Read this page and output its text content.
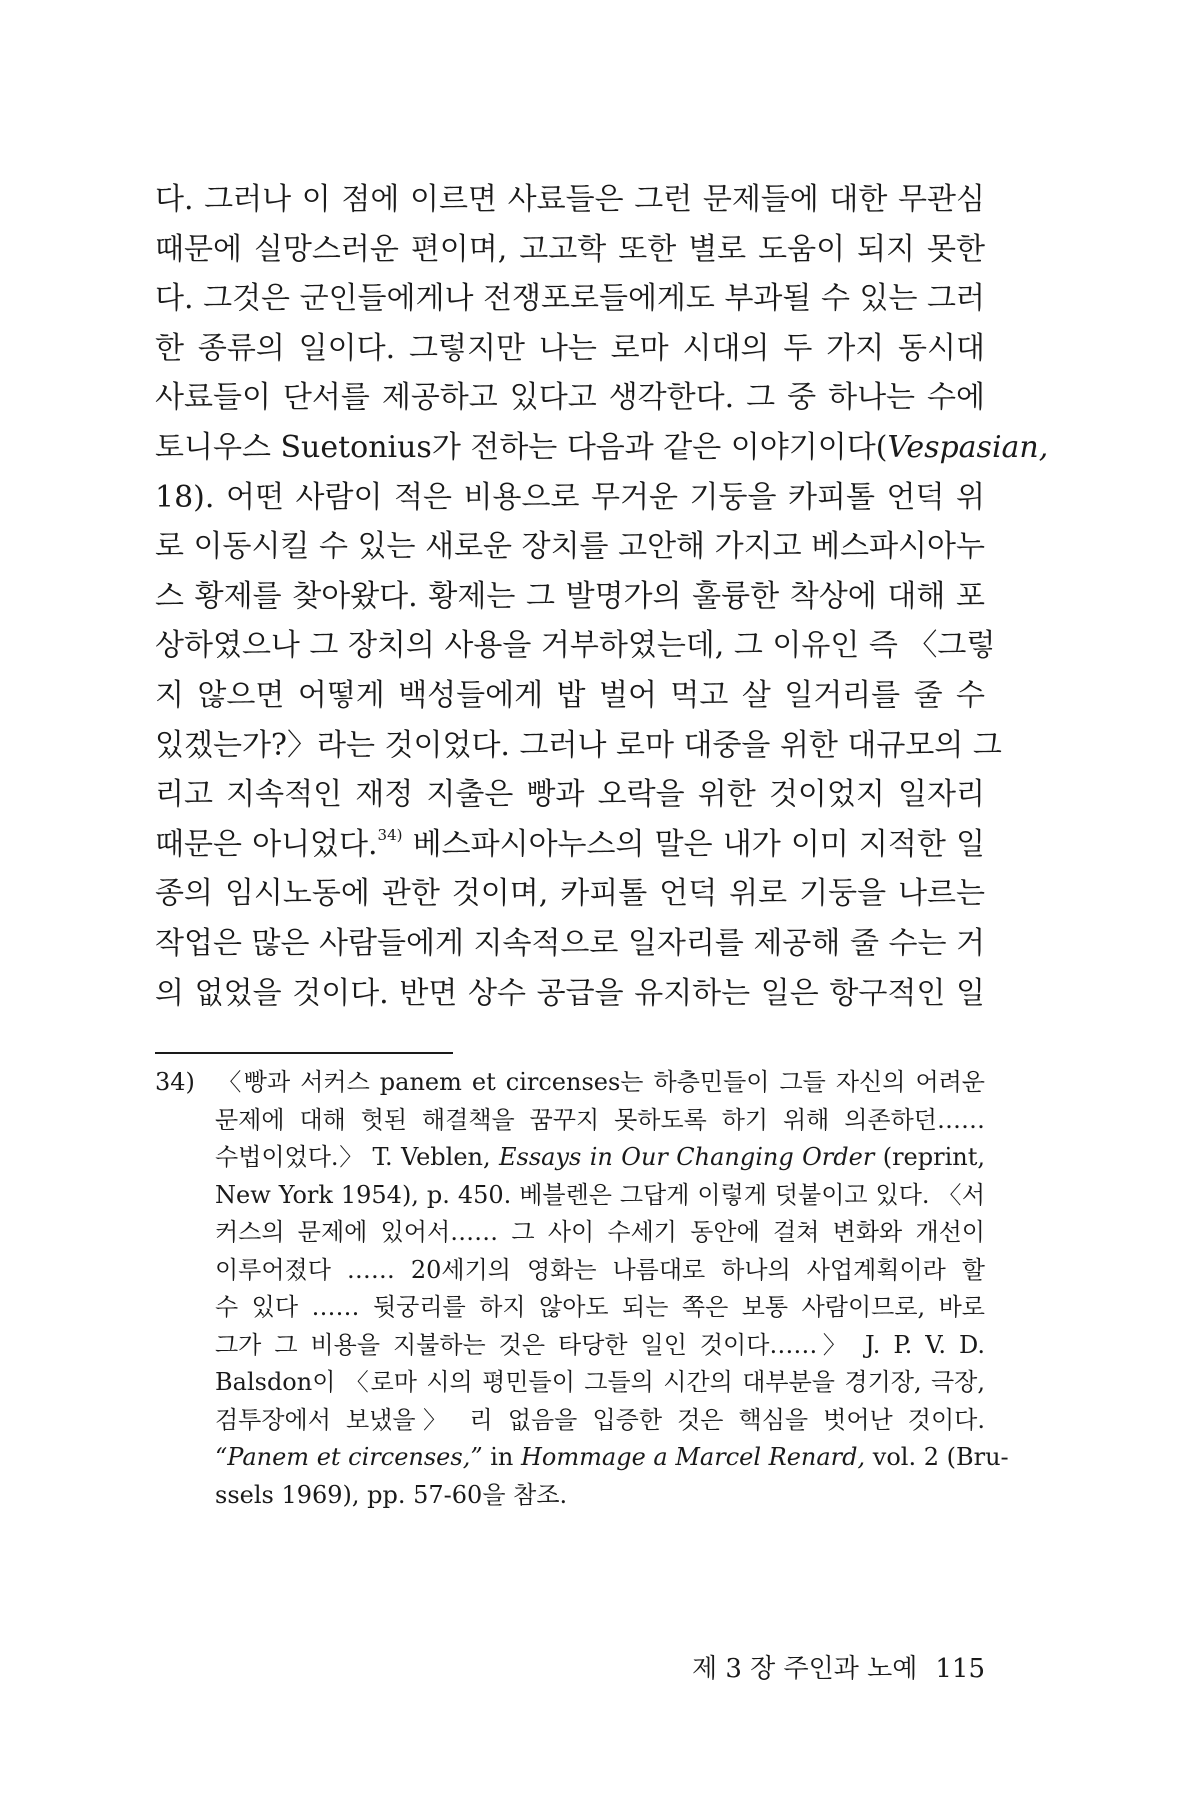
다. 그러나 이 점에 이르면 사료들은 그런 문제들에 대한 무관심
때문에 실망스러운 편이며, 고고학 또한 별로 도움이 되지 못한
다. 그것은 군인들에게나 전쟁포로들에게도 부과될 수 있는 그러
한 종류의 일이다. 그렇지만 나는 로마 시대의 두 가지 동시대
사료들이 단서를 제공하고 있다고 생각한다. 그 중 하나는 수에
토니우스 Suetonius가 전하는 다음과 같은 이야기이다(Vespasian,
18). 어떤 사람이 적은 비용으로 무거운 기둥을 카피톨 언덕 위
로 이동시킬 수 있는 새로운 장치를 고안해 가지고 베스파시아누
스 황제를 찾아왔다. 황제는 그 발명가의 훌륭한 착상에 대해 포
상하였으나 그 장치의 사용을 거부하였는데, 그 이유인 즉 〈그렇
지 않으면 어떻게 백성들에게 밥 벌어 먹고 살 일거리를 줄 수
있겠는가?〉라는 것이었다. 그러나 로마 대중을 위한 대규모의 그
리고 지속적인 재정 지출은 빵과 오락을 위한 것이었지 일자리
때문은 아니었다.$^{34)}$ 베스파시아누스의 말은 내가 이미 지적한 일
종의 임시노동에 관한 것이며, 카피톨 언덕 위로 기둥을 나르는
작업은 많은 사람들에게 지속적으로 일자리를 제공해 줄 수는 거
의 없었을 것이다. 반면 상수 공급을 유지하는 일은 항구적인 일
34) 〈빵과 서커스 panem et circenses는 하층민들이 그들 자신의 어려운
문제에 대해 헛된 해결책을 꿈꾸지 못하도록 하기 위해 의존하던……
수법이었다.〉 T. Veblen, Essays in Our Changing Order (reprint,
New York 1954), p. 450. 베블렌은 그답게 이렇게 덧붙이고 있다. 〈서
커스의 문제에 있어서…… 그 사이 수세기 동안에 걸쳐 변화와 개선이
이루어졌다 …… 20세기의 영화는 나름대로 하나의 사업계획이라 할
수 있다 …… 뒷궁리를 하지 않아도 되는 쪽은 보통 사람이므로, 바로
그가 그 비용을 지불하는 것은 타당한 일인 것이다……〉 J. P. V. D.
Balsdon이 〈로마 시의 평민들이 그들의 시간의 대부분을 경기장, 극장,
검투장에서 보냈을〉 리 없음을 입증한 것은 핵심을 벗어난 것이다.
“Panem et circenses,” in Hommage a Marcel Renard, vol. 2 (Bru-
ssels 1969), pp. 57-60을 참조.
제 3 장 주인과 노예 115
